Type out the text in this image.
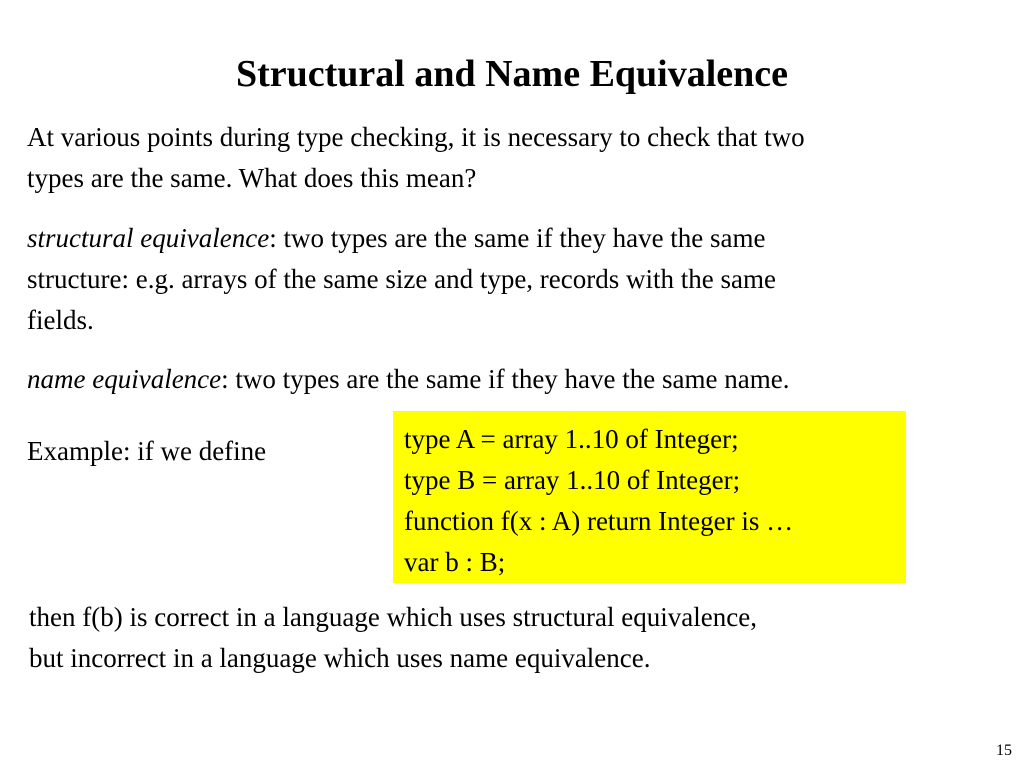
Structural and Name Equivalence

At various points during type checking, it is necessary to check that two
types are the same. What does this mean?

structural equivalence: two types are the same if they have the same
structure: e.g. arrays of the same size and type, records with the same
fields.

name equivalence: two types are the same if they have the same name.

Example: if we define	type A = array 1..10 of Integer;
type B = array 1..10 of Integer;
function f(x : A) return Integer is …
var b : B;

then f(b) is correct in a language which uses structural equivalence,
but incorrect in a language which uses name equivalence.

15
